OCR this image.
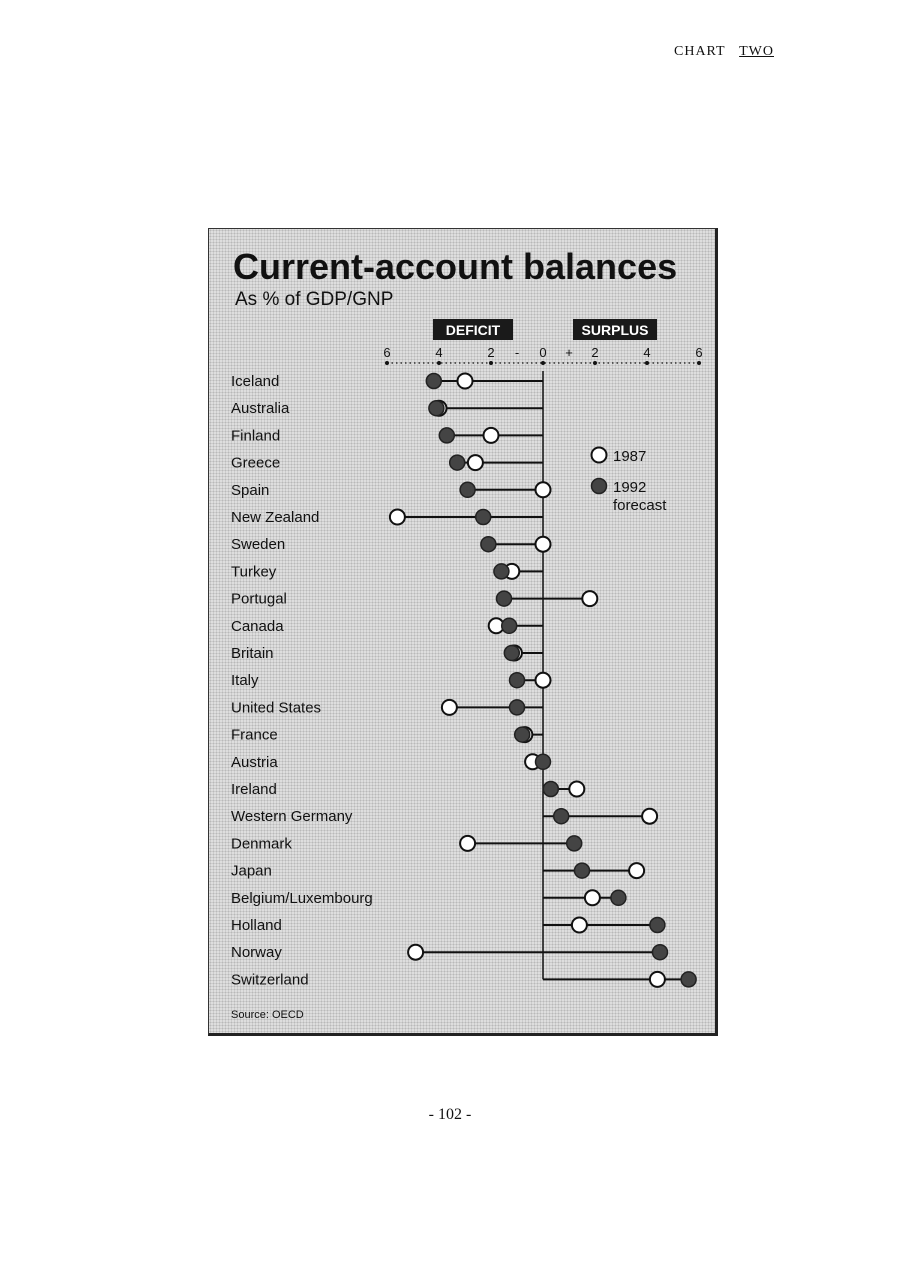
CHART TWO
Current-account balances
As % of GDP/GNP
DEFICIT	SURPLUS
6	4	2	0	2	4	6
-	+
Iceland
Australia
Finland
Greece
Spain
New Zealand
Sweden
Turkey
Portugal
Canada
Britain
Italy
United States
France
Austria
Ireland
Western Germany
Denmark
Japan
Belgium/Luxembourg
Holland
Norway
Switzerland
1987
1992
forecast
Source: OECD
- 102 -
